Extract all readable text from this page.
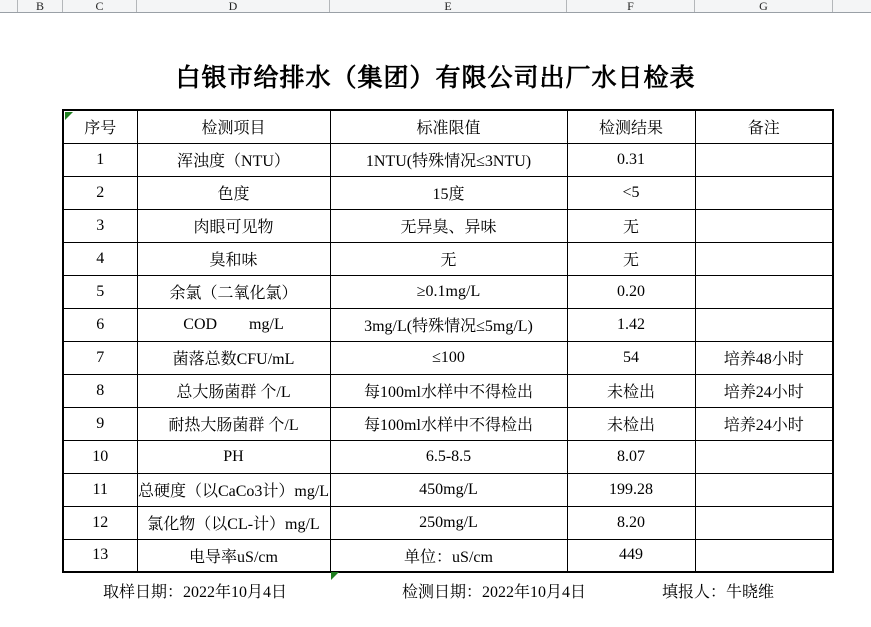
B	C	D	E	F	G
白银市给排水（集团）有限公司出厂水日检表
序号	检测项目	标准限值	检测结果	备注
1	浑浊度（NTU）	1NTU(特殊情况≤3NTU)	0.31	
2	色度	15度	<5	
3	肉眼可见物	无异臭、异味	无	
4	臭和味	无	无	
5	余氯（二氧化氯）	≥0.1mg/L	0.20	
6	COD        mg/L	3mg/L(特殊情况≤5mg/L)	1.42	
7	菌落总数CFU/mL	≤100	54	培养48小时
8	总大肠菌群 个/L	每100ml水样中不得检出	未检出	培养24小时
9	耐热大肠菌群 个/L	每100ml水样中不得检出	未检出	培养24小时
10	PH	6.5-8.5	8.07	
11	总硬度（以CaCo3计）mg/L	450mg/L	199.28	
12	氯化物（以CL-计）mg/L	250mg/L	8.20	
13	电导率uS/cm	单位：uS/cm	449	
取样日期：2022年10月4日	检测日期：2022年10月4日	填报人：牛晓维
